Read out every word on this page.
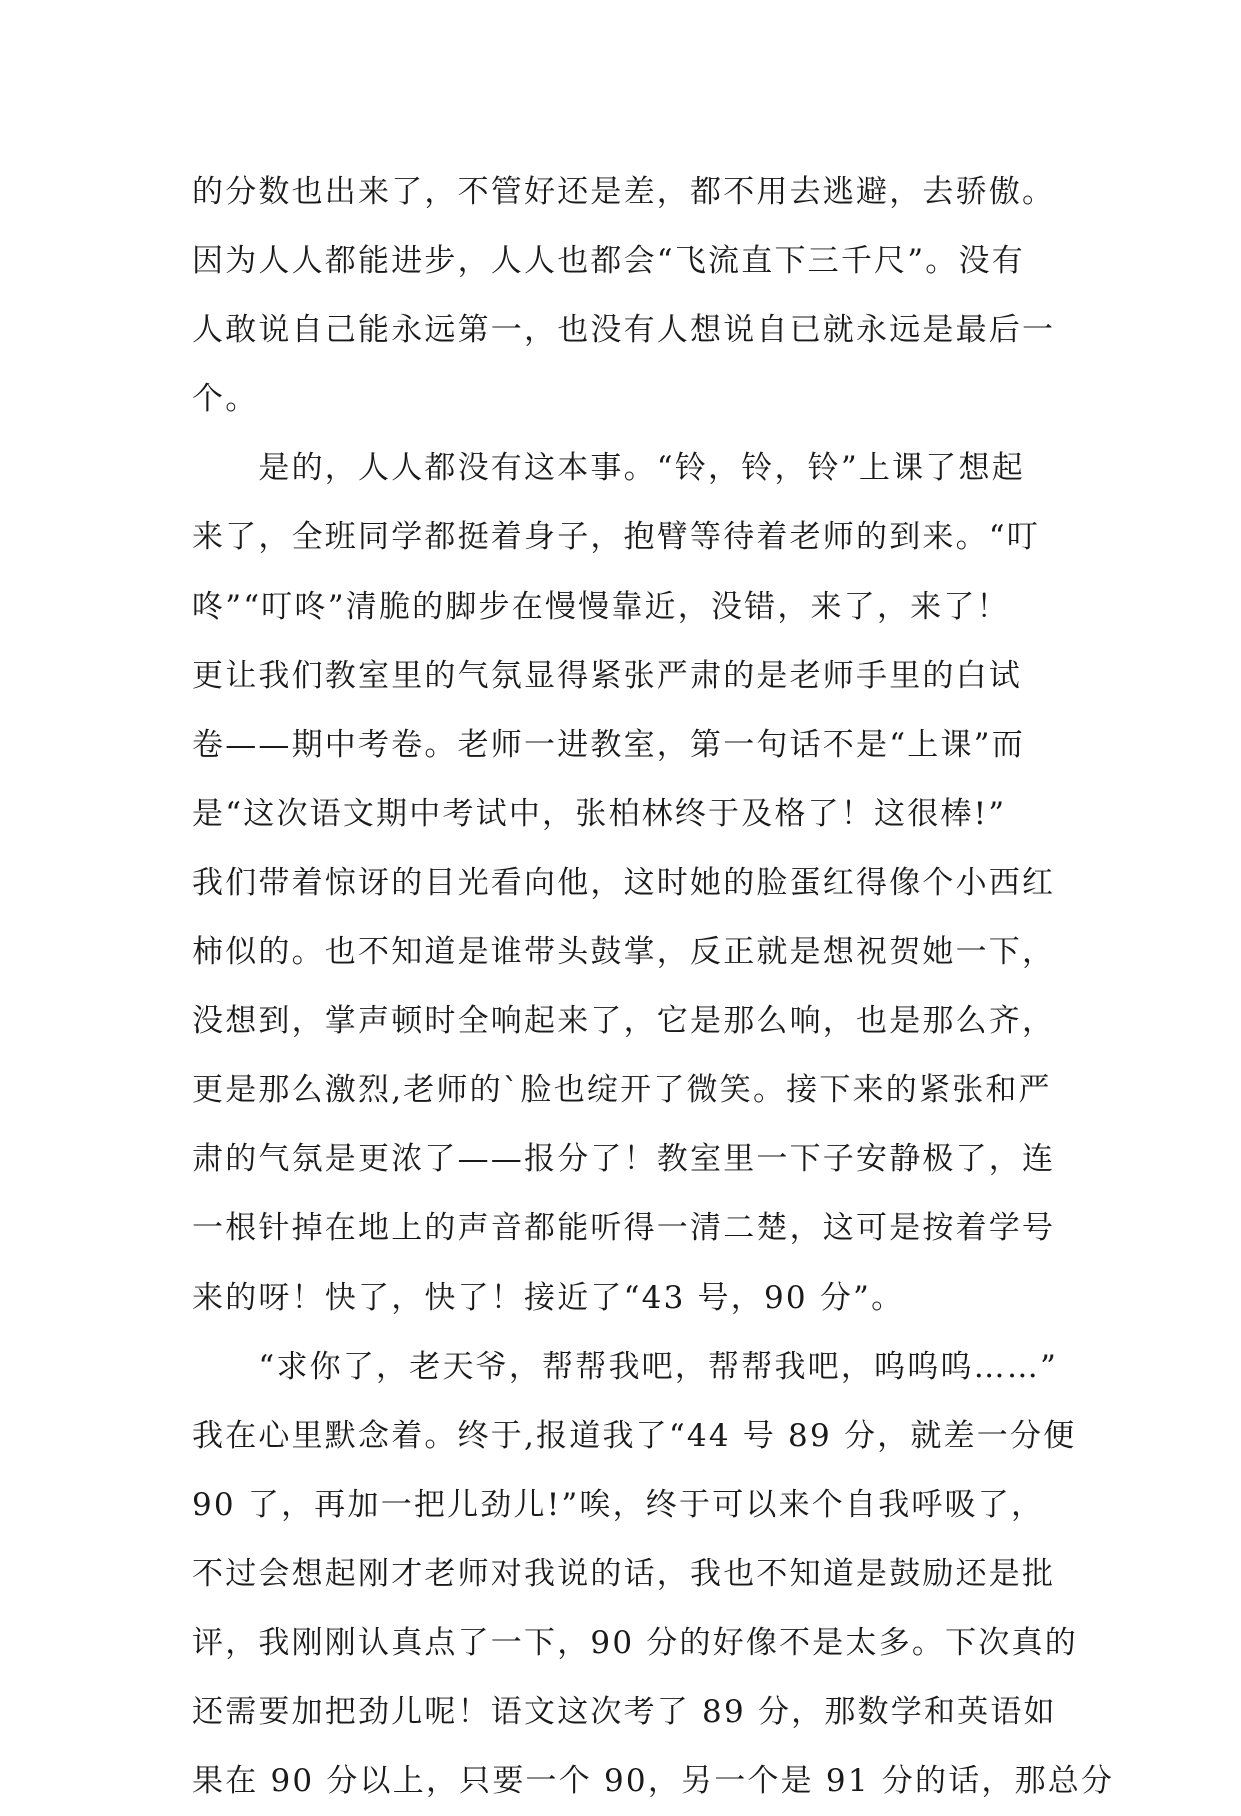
的分数也出来了，不管好还是差，都不用去逃避，去骄傲。

因为人人都能进步，人人也都会“飞流直下三千尺”。没有

人敢说自己能永远第一，也没有人想说自已就永远是最后一

个。

　　是的，人人都没有这本事。“铃，铃，铃”上课了想起

来了，全班同学都挺着身子，抱臂等待着老师的到来。“叮

咚”“叮咚”清脆的脚步在慢慢靠近，没错，来了，来了！

更让我们教室里的气氛显得紧张严肃的是老师手里的白试

卷——期中考卷。老师一进教室，第一句话不是“上课”而

是“这次语文期中考试中，张柏林终于及格了！这很棒!”

我们带着惊讶的目光看向他，这时她的脸蛋红得像个小西红

柿似的。也不知道是谁带头鼓掌，反正就是想祝贺她一下，

没想到，掌声顿时全响起来了，它是那么响，也是那么齐，

更是那么激烈,老师的`脸也绽开了微笑。接下来的紧张和严

肃的气氛是更浓了——报分了！教室里一下子安静极了，连

一根针掉在地上的声音都能听得一清二楚，这可是按着学号

来的呀！快了，快了！接近了“43 号，90 分”。

　　“求你了，老天爷，帮帮我吧，帮帮我吧，呜呜呜……”

我在心里默念着。终于,报道我了“44 号 89 分，就差一分便

90 了，再加一把儿劲儿!”唉，终于可以来个自我呼吸了，

不过会想起刚才老师对我说的话，我也不知道是鼓励还是批

评，我刚刚认真点了一下，90 分的好像不是太多。下次真的

还需要加把劲儿呢！语文这次考了 89 分，那数学和英语如

果在 90 分以上，只要一个 90，另一个是 91 分的话，那总分
